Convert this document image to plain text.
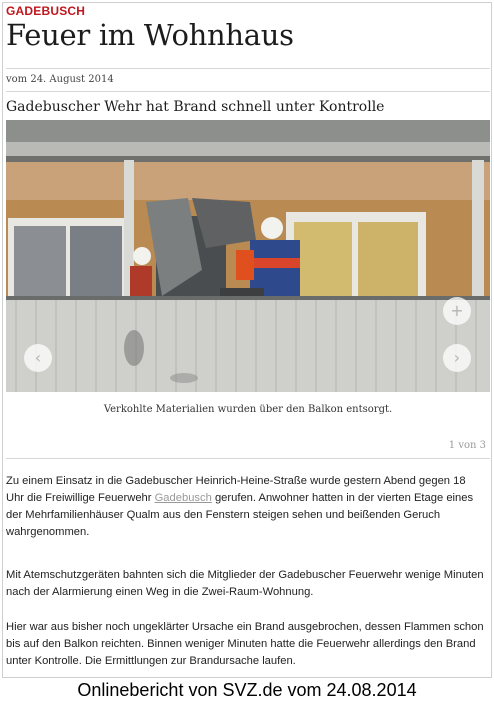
GADEBUSCH
Feuer im Wohnhaus
vom 24. August 2014
Gadebuscher Wehr hat Brand schnell unter Kontrolle
‹	›
+
Verkohlte Materialien wurden über den Balkon entsorgt.
1 von 3
Zu einem Einsatz in die Gadebuscher Heinrich-Heine-Straße wurde gestern Abend gegen 18 Uhr die Freiwillige Feuerwehr Gadebusch gerufen. Anwohner hatten in der vierten Etage eines der Mehrfamilienhäuser Qualm aus den Fenstern steigen sehen und beißenden Geruch wahrgenommen.
Mit Atemschutzgeräten bahnten sich die Mitglieder der Gadebuscher Feuerwehr wenige Minuten nach der Alarmierung einen Weg in die Zwei-Raum-Wohnung.
Hier war aus bisher noch ungeklärter Ursache ein Brand ausgebrochen, dessen Flammen schon bis auf den Balkon reichten. Binnen weniger Minuten hatte die Feuerwehr allerdings den Brand unter Kontrolle. Die Ermittlungen zur Brandursache laufen.
Onlinebericht von SVZ.de vom 24.08.2014
